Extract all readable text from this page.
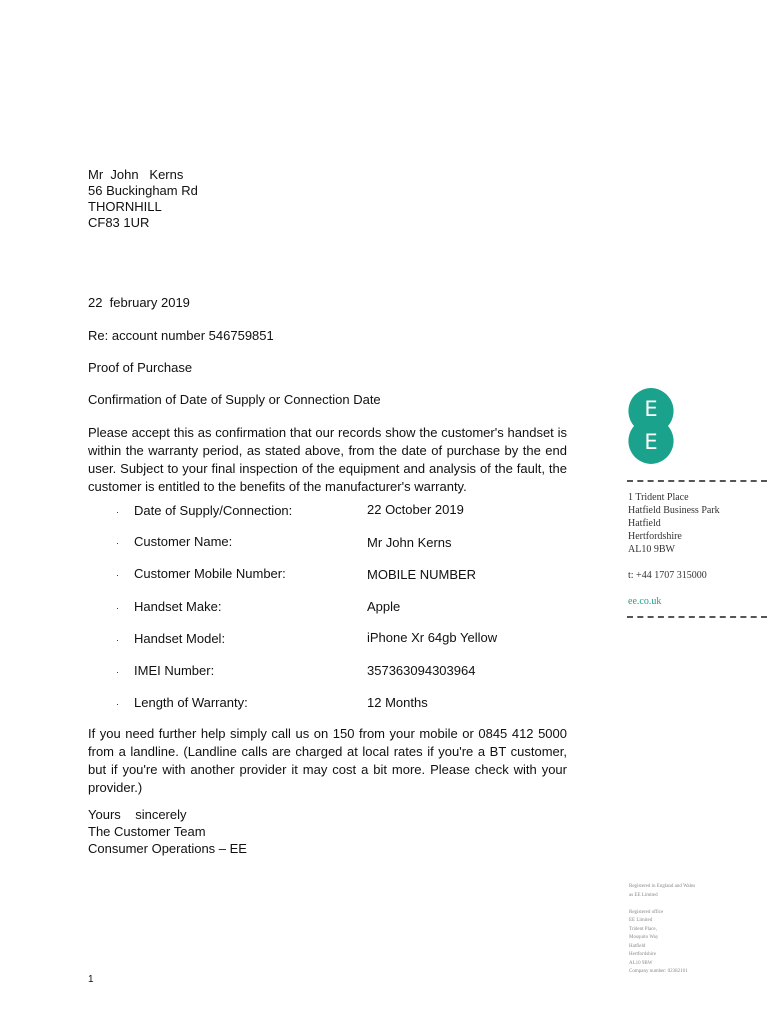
Mr  John   Kerns
56 Buckingham Rd
THORNHILL
CF83 1UR
22  february 2019
Re: account number 546759851
Proof of Purchase
Confirmation of Date of Supply or Connection Date
Please accept this as confirmation that our records show the customer's handset is within the warranty period, as stated above, from the date of purchase by the end user. Subject to your final inspection of the equipment and analysis of the fault, the customer is entitled to the benefits of the manufacturer's warranty.
· Date of Supply/Connection:	22 October 2019
· Customer Name:	Mr John Kerns
· Customer Mobile Number:	MOBILE NUMBER
· Handset Make:	Apple
· Handset Model:	iPhone Xr 64gb Yellow
· IMEI Number:	357363094303964
· Length of Warranty:	12 Months
If you need further help simply call us on 150 from your mobile or 0845 412 5000 from a landline. (Landline calls are charged at local rates if you're a BT customer, but if you're with another provider it may cost a bit more. Please check with your provider.)
Yours    sincerely
The Customer Team
Consumer Operations – EE
1
E
E
1 Trident Place
Hatfield Business Park
Hatfield
Hertfordshire
AL10 9BW
t: +44 1707 315000
ee.co.uk
Registered in England and Wales
as EE Limited
Registered office
EE Limited
Trident Place,
Mosquito Way
Hatfield
Hertfordshire
AL10 9BW
Company number: 02382161
